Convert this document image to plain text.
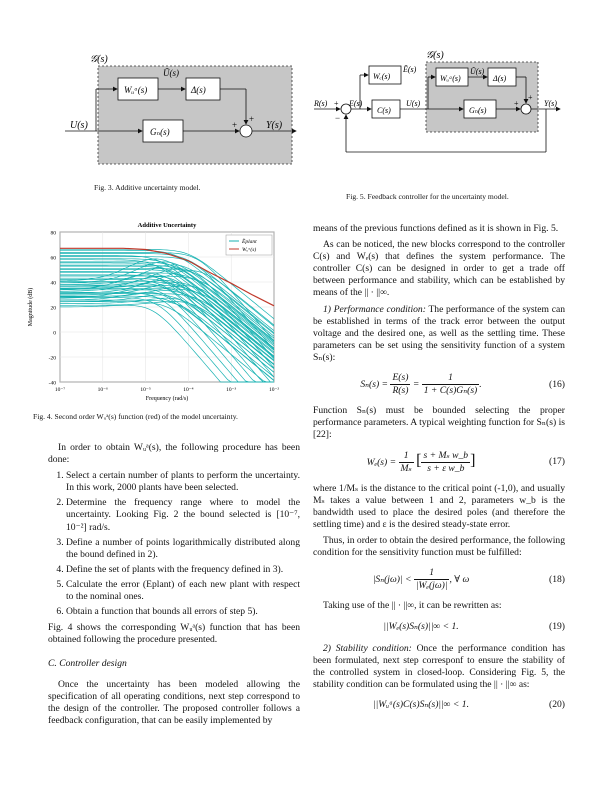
𝒢(s)
Wᵤᵃ(s)	Δ(s)
Ũ(s)
Gₙ(s)
U(s)	Y(s)
+
+
Fig. 3. Additive uncertainty model.
𝒢(s)
Wₑ(s)
Ẽ(s)
Wᵤᵃ(s)
Ũ(s)
Δ(s)
C(s)	Gₙ(s)
R(s)	E(s)	U(s)	Y(s)
+
−
+
+
Fig. 5. Feedback controller for the uncertainty model.
80
60
40
20
0
-20
-40
10⁻⁷	10⁻⁶	10⁻⁵	10⁻⁴	10⁻³	10⁻²
Additive Uncertainty
Frequency (rad/s)
Magnitude (dB)
Ẽplant
Wᵤᵃ(s)
Fig. 4. Second order Wᵤᵃ(s) function (red) of the model uncertainty.

In order to obtain Wᵤᵃ(s), the following procedure has been done:

1. Select a certain number of plants to perform the uncertainty. In this work, 2000 plants have been selected.
2. Determine the frequency range where to model the uncertainty. Looking Fig. 2 the bound selected is [10⁻⁷, 10⁻²] rad/s.
3. Define a number of points logarithmically distributed along the bound defined in 2).
4. Define the set of plants with the frequency defined in 3).
5. Calculate the error (Eplant) of each new plant with respect to the nominal ones.
6. Obtain a function that bounds all errors of step 5).

Fig. 4 shows the corresponding Wᵤᵃ(s) function that has been obtained following the procedure presented.

C. Controller design

Once the uncertainty has been modeled allowing the specification of all operating conditions, next step correspond to the design of the controller. The proposed controller follows a feedback configuration, that can be easily implemented by

means of the previous functions defined as it is shown in Fig. 5.

As can be noticed, the new blocks correspond to the controller C(s) and Wₑ(s) that defines the system performance. The controller C(s) can be designed in order to get a trade off between performance and stability, which can be established by means of the || · ||∞.

1) Performance condition: The performance of the system can be established in terms of the track error between the output voltage and the desired one, as well as the settling time. These parameters can be set using the sensitivity function of a system Sₙ(s):

$S_n(s) = \frac{E(s)}{R(s)} = \frac{1}{\text{1 + C(s)Gₙ(s)}}$ .	(16)

Function Sₙ(s) must be bounded selecting the proper performance parameters. A typical weighting function for Sₙ(s) is [22]:

$W_e(s) = \frac{1}{\text{Mₛ}}$ [ $\frac{\text{s + Mₛ w\_b}}{\text{s + ε w\_b}}$ ]	(17)

where 1/Mₛ is the distance to the critical point (-1,0), and usually Mₛ takes a value between 1 and 2, parameters w_b is the bandwidth used to place the desired poles (and therefore the settling time) and ε is the desired steady-state error.

Thus, in order to obtain the desired performance, the following condition for the sensitivity function must be fulfilled:

$|S_n(j\omega)| < \frac{1}{\text{|Wₑ(jω)|}}$ , ∀ ω	(18)

Taking use of the || · ||∞, it can be rewritten as:

||Wₑ(s)Sₙ(s)||∞ < 1.	(19)

2) Stability condition: Once the performance condition has been formulated, next step corresponf to ensure the stability of the controlled system in closed-loop. Considering Fig. 5, the stability condition can be formulated using the || · ||∞ as:

||Wᵤᵃ(s)C(s)Sₙ(s)||∞ < 1.	(20)
